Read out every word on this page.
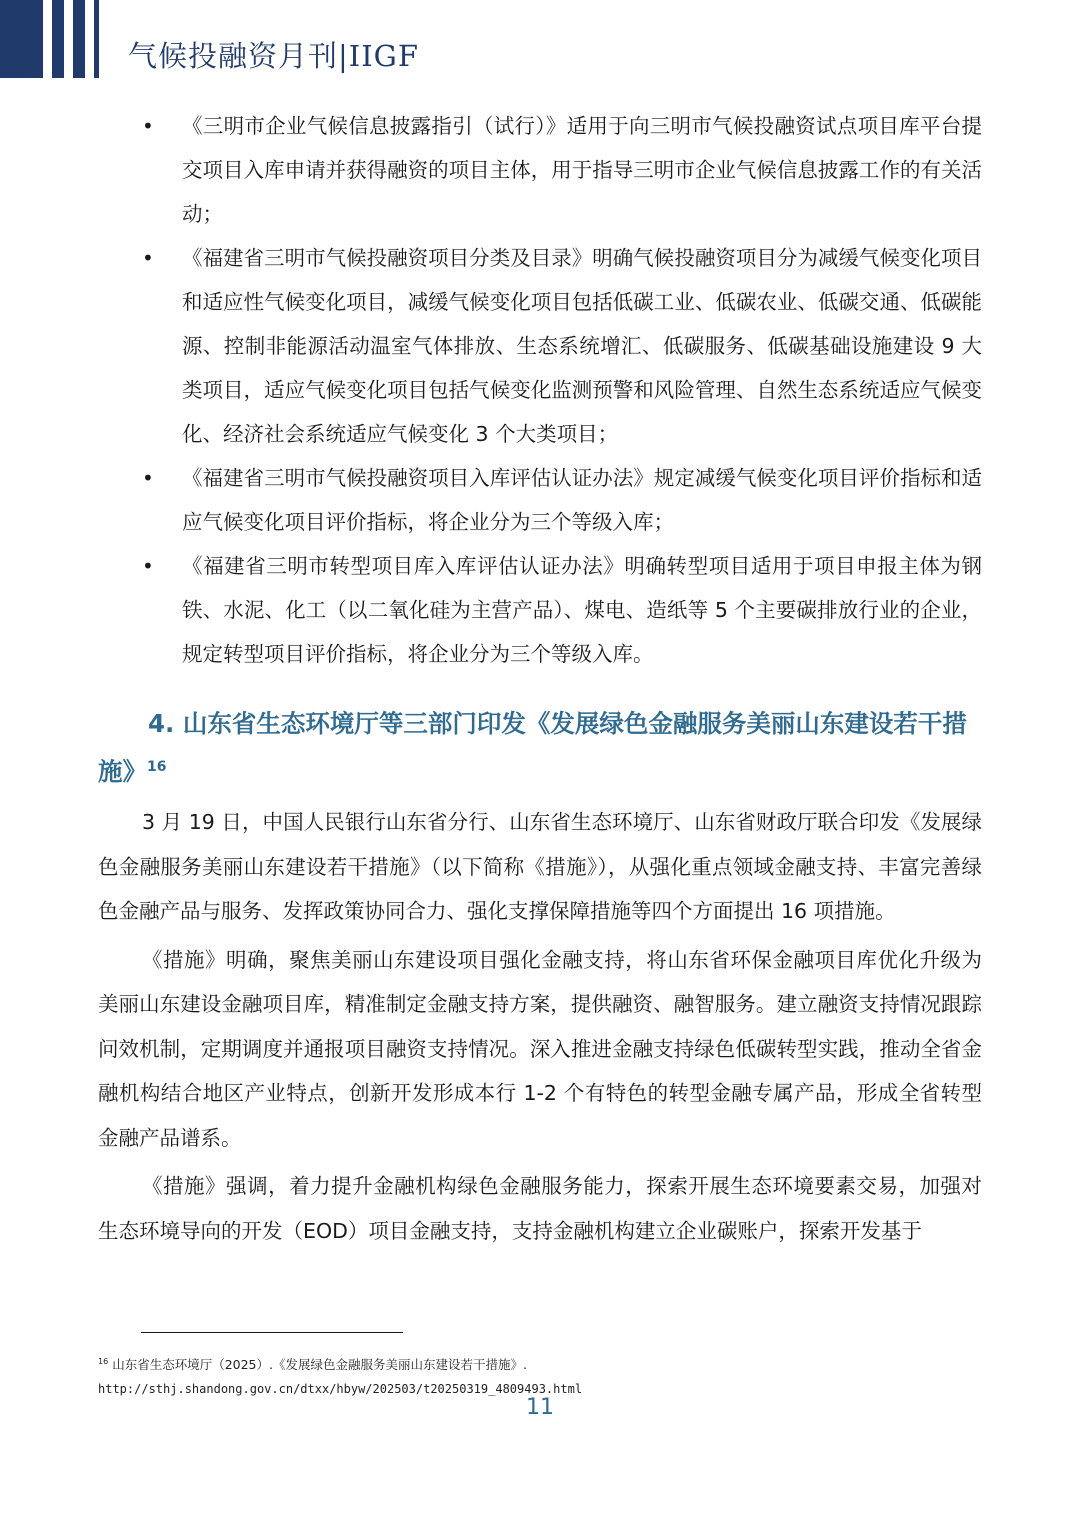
气候投融资月刊|IIGF
• 《三明市企业气候信息披露指引（试行）》适用于向三明市气候投融资试点项目库平台提交项目入库申请并获得融资的项目主体，用于指导三明市企业气候信息披露工作的有关活动；
• 《福建省三明市气候投融资项目分类及目录》明确气候投融资项目分为减缓气候变化项目和适应性气候变化项目，减缓气候变化项目包括低碳工业、低碳农业、低碳交通、低碳能源、控制非能源活动温室气体排放、生态系统增汇、低碳服务、低碳基础设施建设 9 大类项目，适应气候变化项目包括气候变化监测预警和风险管理、自然生态系统适应气候变化、经济社会系统适应气候变化 3 个大类项目；
• 《福建省三明市气候投融资项目入库评估认证办法》规定减缓气候变化项目评价指标和适应气候变化项目评价指标，将企业分为三个等级入库；
• 《福建省三明市转型项目库入库评估认证办法》明确转型项目适用于项目申报主体为钢铁、水泥、化工（以二氧化硅为主营产品）、煤电、造纸等 5 个主要碳排放行业的企业，规定转型项目评价指标，将企业分为三个等级入库。
4. 山东省生态环境厅等三部门印发《发展绿色金融服务美丽山东建设若干措施》$^{16}$

3 月 19 日，中国人民银行山东省分行、山东省生态环境厅、山东省财政厅联合印发《发展绿色金融服务美丽山东建设若干措施》（以下简称《措施》），从强化重点领域金融支持、丰富完善绿色金融产品与服务、发挥政策协同合力、强化支撑保障措施等四个方面提出 16 项措施。

《措施》明确，聚焦美丽山东建设项目强化金融支持，将山东省环保金融项目库优化升级为美丽山东建设金融项目库，精准制定金融支持方案，提供融资、融智服务。建立融资支持情况跟踪问效机制，定期调度并通报项目融资支持情况。深入推进金融支持绿色低碳转型实践，推动全省金融机构结合地区产业特点，创新开发形成本行 1-2 个有特色的转型金融专属产品，形成全省转型金融产品谱系。

《措施》强调，着力提升金融机构绿色金融服务能力，探索开展生态环境要素交易，加强对生态环境导向的开发（EOD）项目金融支持，支持金融机构建立企业碳账户，探索开发基于

$^{16}$ 山东省生态环境厅（2025）.《发展绿色金融服务美丽山东建设若干措施》.
http://sthj.shandong.gov.cn/dtxx/hbyw/202503/t20250319_4809493.html
11
